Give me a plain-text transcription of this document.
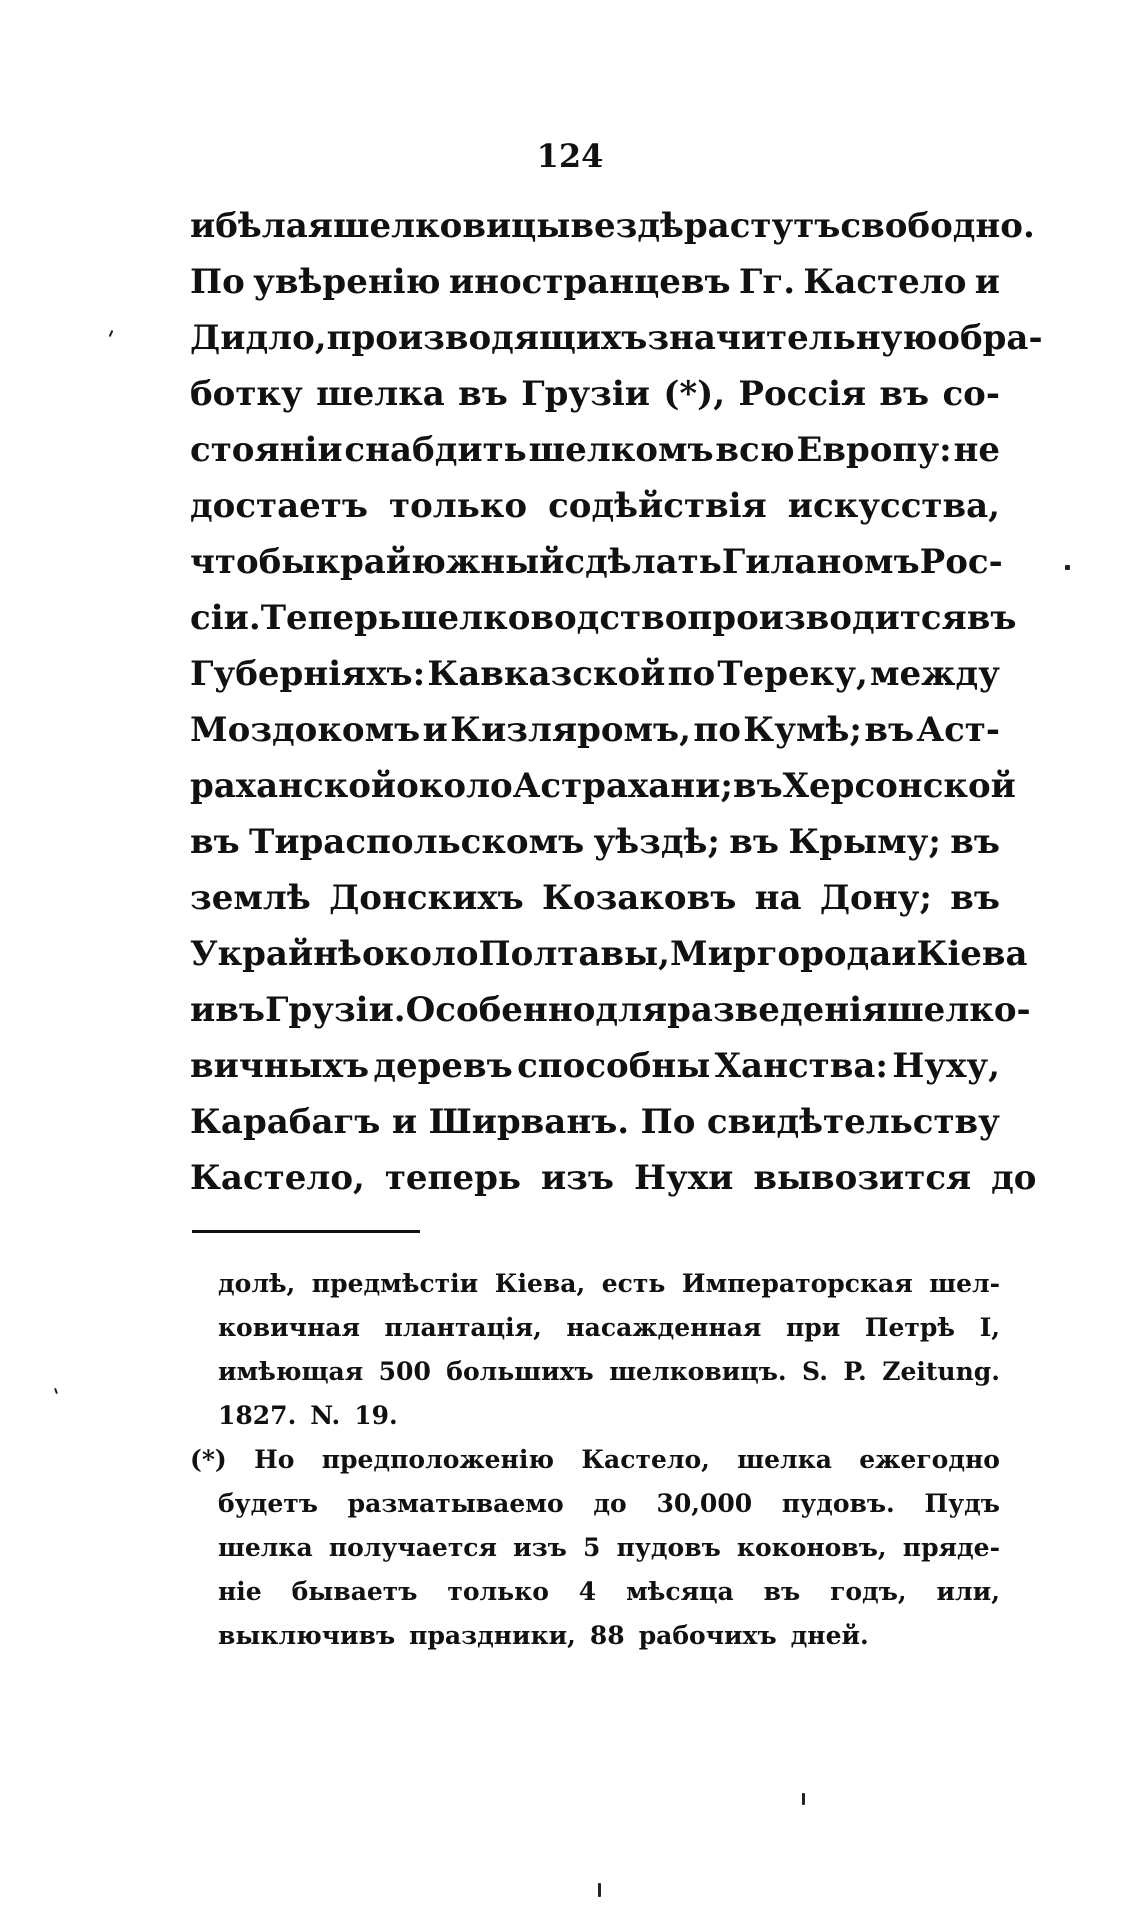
124
и бѣлая шелковицы вездѣ растутъ свободно.
По увѣренію иностранцевъ Гг. Кастело и
Дидло, производящихъ значительную обра-
ботку шелка въ Грузіи (*), Россія въ со-
стояніи снабдить шелкомъ всю Европу: не
достаетъ только содѣйствія искусства,
чтобы край южный сдѣлать Гиланомъ Рос-
сіи. Теперь шелководство производится въ
Губерніяхъ: Кавказской по Тереку, между
Моздокомъ и Кизляромъ, по Кумѣ; въ Аст-
раханской около Астрахани; въ Херсонской
въ Тираспольскомъ уѣздѣ; въ Крыму; въ
землѣ Донскихъ Козаковъ на Дону; въ
Украйнѣ около Полтавы, Миргорода и Кіева
и въ Грузіи. Особенно для разведенія шелко-
вичныхъ деревъ способны Ханства: Нуху,
Карабагъ и Ширванъ. По свидѣтельству
Кастело, теперь изъ Нухи вывозится до
долѣ, предмѣстіи Кіева, есть Императорская шел-
ковичная плантація, насажденная при Петрѣ I,
имѣющая 500 большихъ шелковицъ. S. P. Zeitung.
1827. N. 19.
(*) Но предположенію Кастело, шелка ежегодно
будетъ разматываемо до 30,000 пудовъ. Пудъ
шелка получается изъ 5 пудовъ коконовъ, пряде-
ніе бываетъ только 4 мѣсяца въ годъ, или,
выключивъ праздники, 88 рабочихъ дней.
